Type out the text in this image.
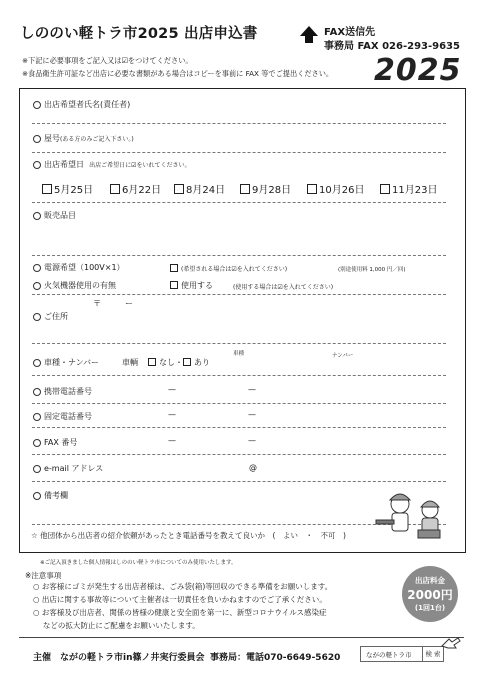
しののい軽トラ市2025 出店申込書	FAX送信先
事務局 FAX 026-293-9635
※下記に必要事項をご記入又は☑をつけてください。
※食品衛生許可証など出店に必要な書類がある場合はコピーを事前に FAX 等でご提出ください。 2025
出店希望者氏名(責任者)
屋号(ある方のみご記入下さい。)
出店希望日 出店ご希望日に☑をいれてください。
5月25日	6月22日	8月24日	9月28日	10月26日	11月23日
販売品目
電源希望（100V×1）	(希望される場合は☑を入れてください)	(別途使用料 1,000 円／回)
火気機器使用の有無	使用する	(使用する場合は☑を入れてください)
〒　　　ー
ご住所
車種	ナンバー
車種・ナンバー	車輌	なし・ あり
携帯電話番号	—	—
固定電話番号	—	—
FAX 番号	—	—
e-mail アドレス	@
備考欄
☆ 他団体から出店者の紹介依頼があったとき電話番号を教えて良いか　(　よい　・　不可　)
※ご記入頂きました個人情報はしののい軽トラ市についてのみ使用いたします。
※注意事項
○ お客様にゴミが発生する出店者様は、ごみ袋(箱)等回収のできる準備をお願いします。
○ 出店に関する事故等について主催者は一切責任を負いかねますのでご了承ください。
○ お客様及び出店者、関係の皆様の健康と安全面を第一に、新型コロナウイルス感染症
　 などの拡大防止にご配慮をお願いいたします。
出店料金
2000円
(1回1台)
主催　ながの軽トラ市in篠ノ井実行委員会 事務局：電話070-6649-5620	ながの軽トラ市	検 索
